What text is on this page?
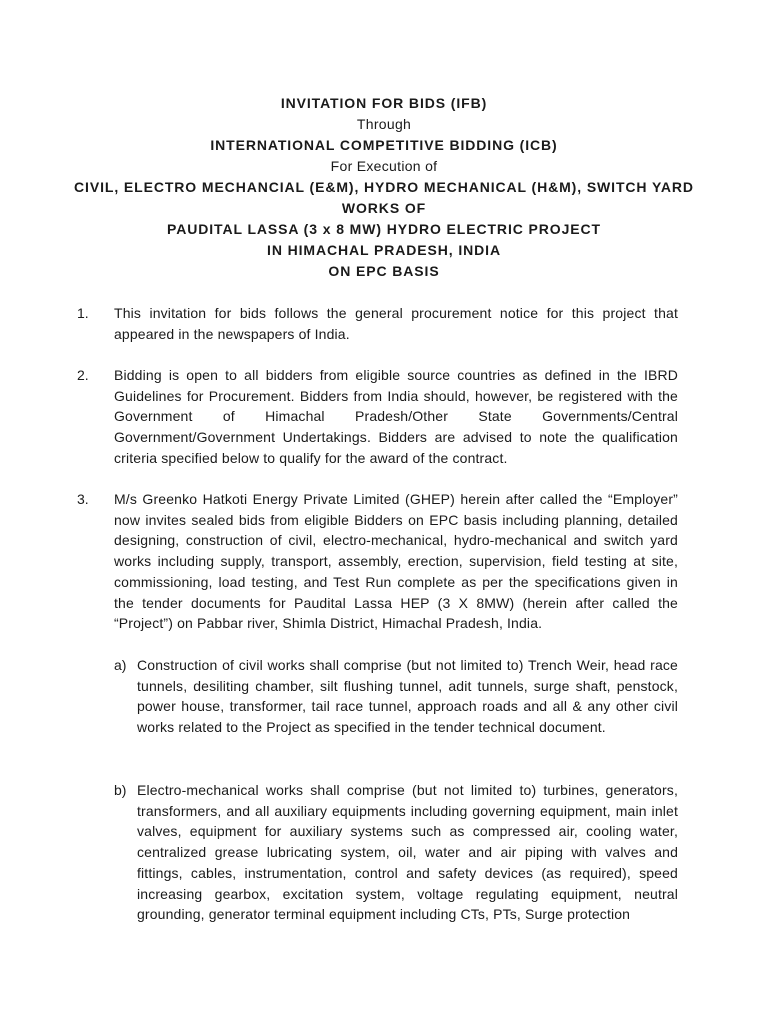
INVITATION FOR BIDS (IFB)
Through
INTERNATIONAL COMPETITIVE BIDDING (ICB)
For Execution of
CIVIL, ELECTRO MECHANCIAL (E&M), HYDRO MECHANICAL (H&M), SWITCH YARD
WORKS OF
PAUDITAL LASSA (3 x 8 MW) HYDRO ELECTRIC PROJECT
IN HIMACHAL PRADESH, INDIA
ON EPC BASIS
1. This invitation for bids follows the general procurement notice for this project that appeared in the newspapers of India.
2. Bidding is open to all bidders from eligible source countries as defined in the IBRD Guidelines for Procurement. Bidders from India should, however, be registered with the Government of Himachal Pradesh/Other State Governments/Central Government/Government Undertakings. Bidders are advised to note the qualification criteria specified below to qualify for the award of the contract.
3. M/s Greenko Hatkoti Energy Private Limited (GHEP) herein after called the “Employer” now invites sealed bids from eligible Bidders on EPC basis including planning, detailed designing, construction of civil, electro-mechanical, hydro-mechanical and switch yard works including supply, transport, assembly, erection, supervision, field testing at site, commissioning, load testing, and Test Run complete as per the specifications given in the tender documents for Paudital Lassa HEP (3 X 8MW) (herein after called the “Project”) on Pabbar river, Shimla District, Himachal Pradesh, India.
a) Construction of civil works shall comprise (but not limited to) Trench Weir, head race tunnels, desiliting chamber, silt flushing tunnel, adit tunnels, surge shaft, penstock, power house, transformer, tail race tunnel, approach roads and all & any other civil works related to the Project as specified in the tender technical document.
b) Electro-mechanical works shall comprise (but not limited to) turbines, generators, transformers, and all auxiliary equipments including governing equipment, main inlet valves, equipment for auxiliary systems such as compressed air, cooling water, centralized grease lubricating system, oil, water and air piping with valves and fittings, cables, instrumentation, control and safety devices (as required), speed increasing gearbox, excitation system, voltage regulating equipment, neutral grounding, generator terminal equipment including CTs, PTs, Surge protection
